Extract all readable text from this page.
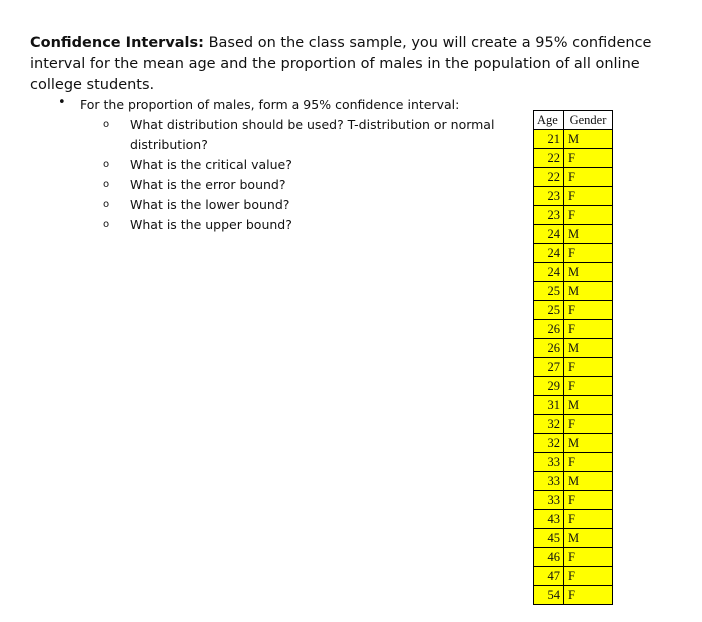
Confidence Intervals: Based on the class sample, you will create a 95% confidence interval for the mean age and the proportion of males in the population of all online college students.
• For the proportion of males, form a 95% confidence interval:
o What distribution should be used? T-distribution or normal distribution?
o What is the critical value?
o What is the error bound?
o What is the lower bound?
o What is the upper bound?
Age	Gender
21	M
22	F
22	F
23	F
23	F
24	M
24	F
24	M
25	M
25	F
26	F
26	M
27	F
29	F
31	M
32	F
32	M
33	F
33	M
33	F
43	F
45	M
46	F
47	F
54	F
